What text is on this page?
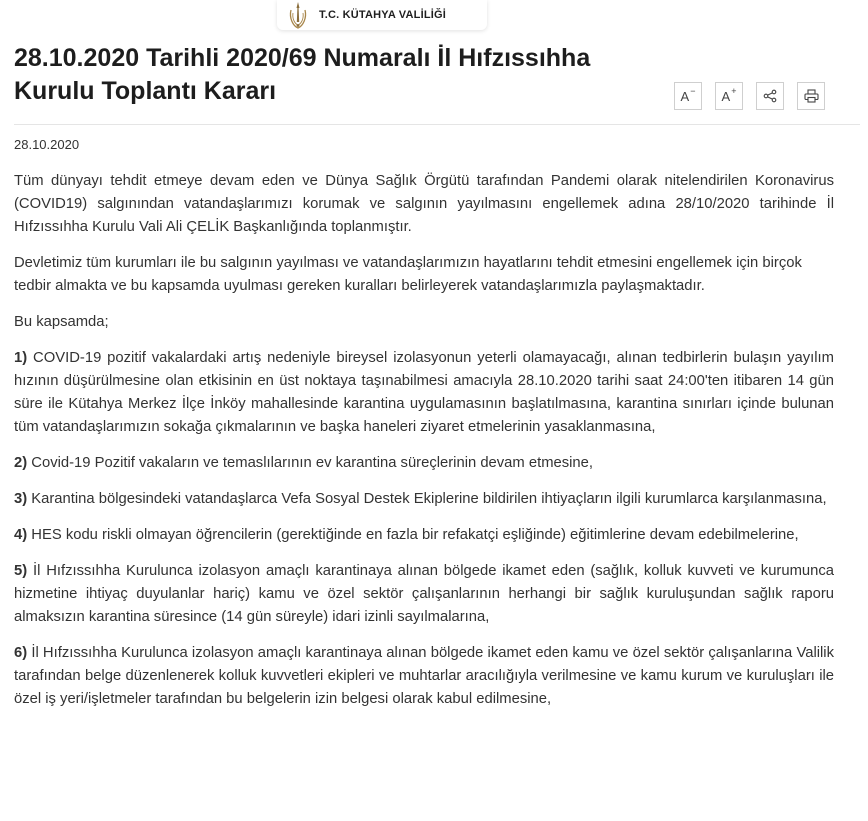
T.C. KÜTAHYA VALİLİĞİ
28.10.2020 Tarihli 2020/69 Numaralı İl Hıfzıssıhha Kurulu Toplantı Kararı	A − A +
28.10.2020

Tüm dünyayı tehdit etmeye devam eden ve Dünya Sağlık Örgütü tarafından Pandemi olarak nitelendirilen Koronavirus (COVID19) salgınından vatandaşlarımızı korumak ve salgının yayılmasını engellemek adına 28/10/2020 tarihinde İl Hıfzıssıhha Kurulu Vali Ali ÇELİK Başkanlığında toplanmıştır.

Devletimiz tüm kurumları ile bu salgının yayılması ve vatandaşlarımızın hayatlarını tehdit etmesini engellemek için birçok tedbir almakta ve bu kapsamda uyulması gereken kuralları belirleyerek vatandaşlarımızla paylaşmaktadır.

Bu kapsamda;

1) COVID-19 pozitif vakalardaki artış nedeniyle bireysel izolasyonun yeterli olamayacağı, alınan tedbirlerin bulaşın yayılım hızının düşürülmesine olan etkisinin en üst noktaya taşınabilmesi amacıyla 28.10.2020 tarihi saat 24:00'ten itibaren 14 gün süre ile Kütahya Merkez İlçe İnköy mahallesinde karantina uygulamasının başlatılmasına, karantina sınırları içinde bulunan tüm vatandaşlarımızın sokağa çıkmalarının ve başka haneleri ziyaret etmelerinin yasaklanmasına,

2) Covid-19 Pozitif vakaların ve temaslılarının ev karantina süreçlerinin devam etmesine,

3) Karantina bölgesindeki vatandaşlarca Vefa Sosyal Destek Ekiplerine bildirilen ihtiyaçların ilgili kurumlarca karşılanmasına,

4) HES kodu riskli olmayan öğrencilerin (gerektiğinde en fazla bir refakatçi eşliğinde) eğitimlerine devam edebilmelerine,

5) İl Hıfzıssıhha Kurulunca izolasyon amaçlı karantinaya alınan bölgede ikamet eden (sağlık, kolluk kuvveti ve kurumunca hizmetine ihtiyaç duyulanlar hariç) kamu ve özel sektör çalışanlarının herhangi bir sağlık kuruluşundan sağlık raporu almaksızın karantina süresince (14 gün süreyle) idari izinli sayılmalarına,

6) İl Hıfzıssıhha Kurulunca izolasyon amaçlı karantinaya alınan bölgede ikamet eden kamu ve özel sektör çalışanlarına Valilik tarafından belge düzenlenerek kolluk kuvvetleri ekipleri ve muhtarlar aracılığıyla verilmesine ve kamu kurum ve kuruluşları ile özel iş yeri/işletmeler tarafından bu belgelerin izin belgesi olarak kabul edilmesine,
